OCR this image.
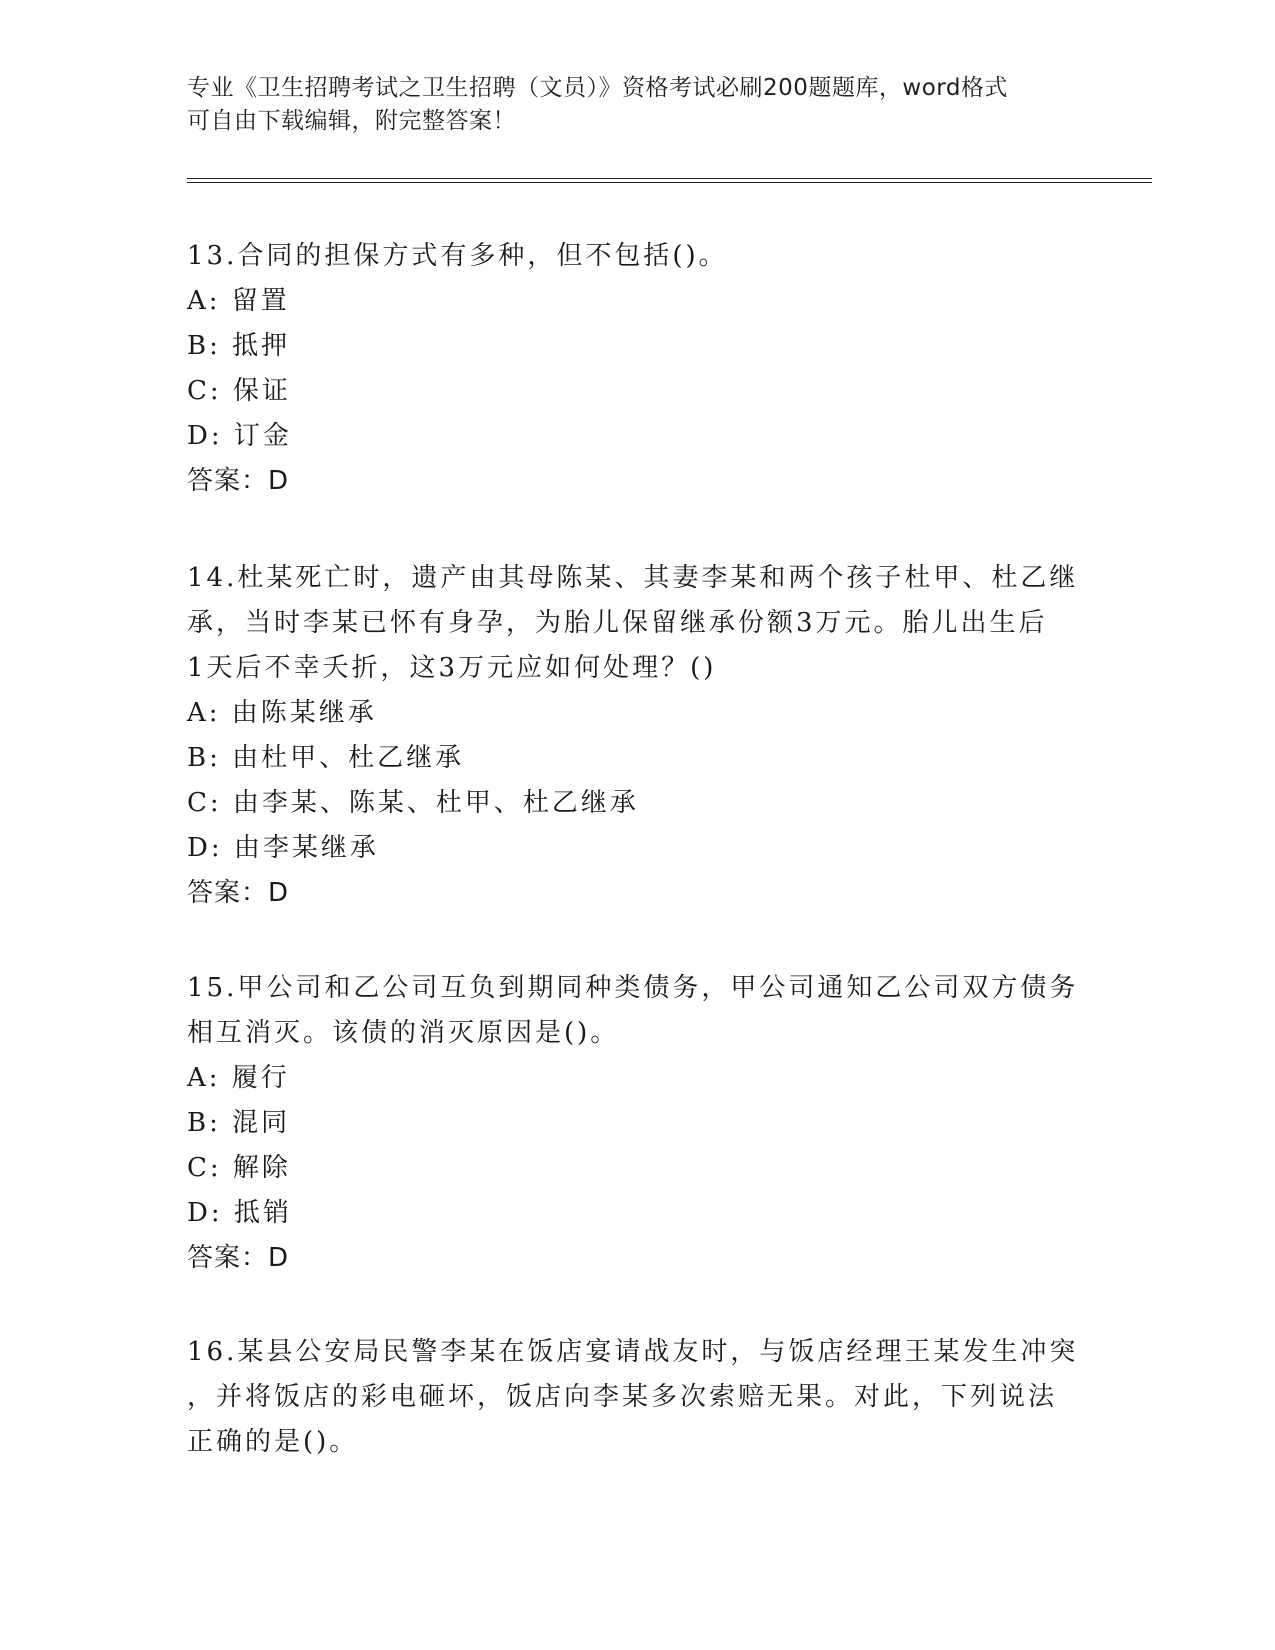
专业《卫生招聘考试之卫生招聘（文员）》资格考试必刷200题题库，word格式
可自由下载编辑，附完整答案！

13.合同的担保方式有多种，但不包括()。

A: 留置

B: 抵押

C: 保证

D: 订金

答案：D

14.杜某死亡时，遗产由其母陈某、其妻李某和两个孩子杜甲、杜乙继

承，当时李某已怀有身孕，为胎儿保留继承份额3万元。胎儿出生后

1天后不幸夭折，这3万元应如何处理？()

A: 由陈某继承

B: 由杜甲、杜乙继承

C: 由李某、陈某、杜甲、杜乙继承

D: 由李某继承

答案：D

15.甲公司和乙公司互负到期同种类债务，甲公司通知乙公司双方债务

相互消灭。该债的消灭原因是()。

A: 履行

B: 混同

C: 解除

D: 抵销

答案：D

16.某县公安局民警李某在饭店宴请战友时，与饭店经理王某发生冲突

，并将饭店的彩电砸坏，饭店向李某多次索赔无果。对此，下列说法

正确的是()。
